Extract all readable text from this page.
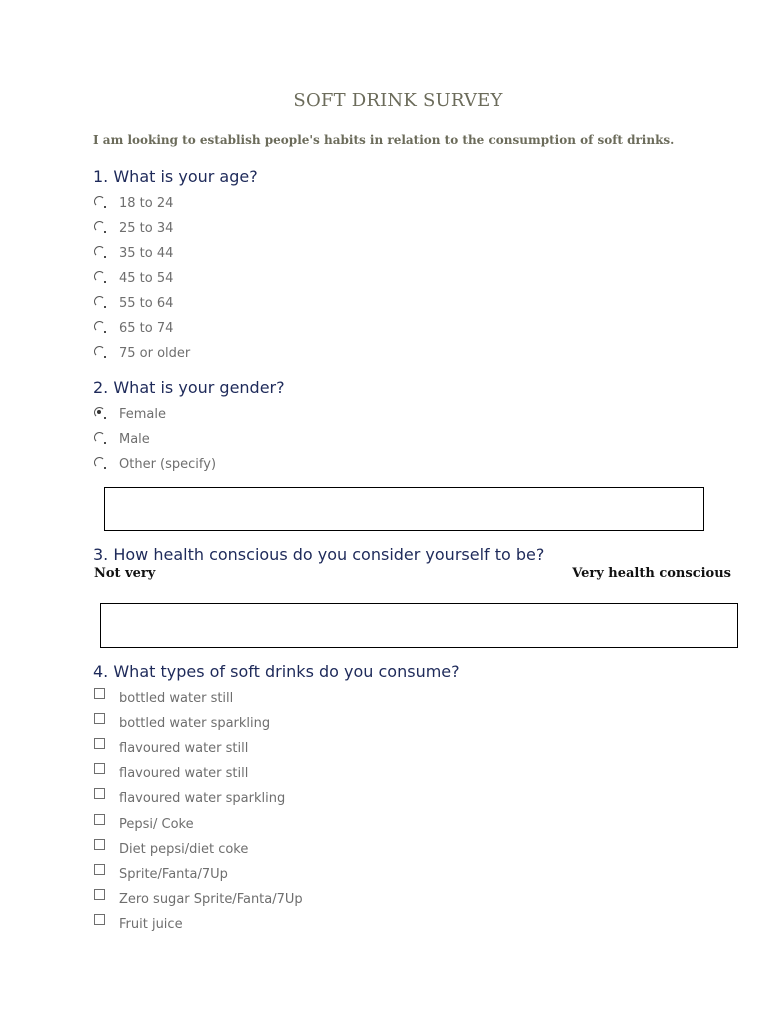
SOFT DRINK SURVEY
I am looking to establish people's habits in relation to the consumption of soft drinks.
1. What is your age?
18 to 24
25 to 34
35 to 44
45 to 54
55 to 64
65 to 74
75 or older
2. What is your gender?
Female
Male
Other (specify)
3. How health conscious do you consider yourself to be?
Not very	Very health conscious
4. What types of soft drinks do you consume?
bottled water still
bottled water sparkling
flavoured water still
flavoured water still
flavoured water sparkling
Pepsi/ Coke
Diet pepsi/diet coke
Sprite/Fanta/7Up
Zero sugar Sprite/Fanta/7Up
Fruit juice
